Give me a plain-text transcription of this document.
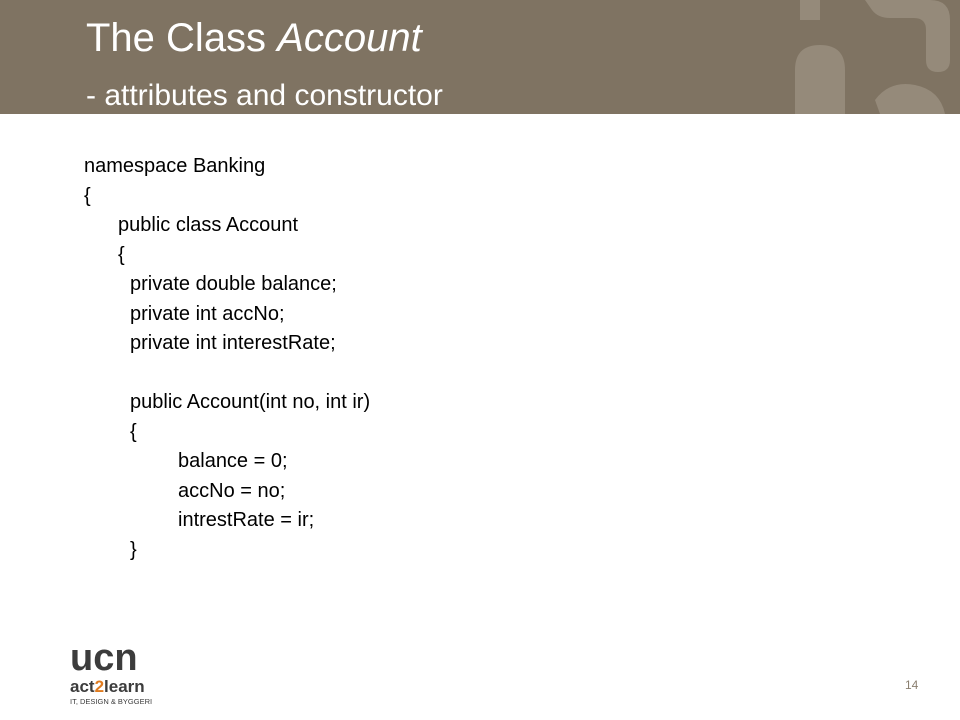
The Class Account
- attributes and constructor
namespace Banking
{
public class Account
{
private double balance;
private int accNo;
private int interestRate;
public Account(int no, int ir)
{
balance = 0;
accNo = no;
intrestRate = ir;
}
ucn
act2learn
IT, DESIGN & BYGGERI
14
